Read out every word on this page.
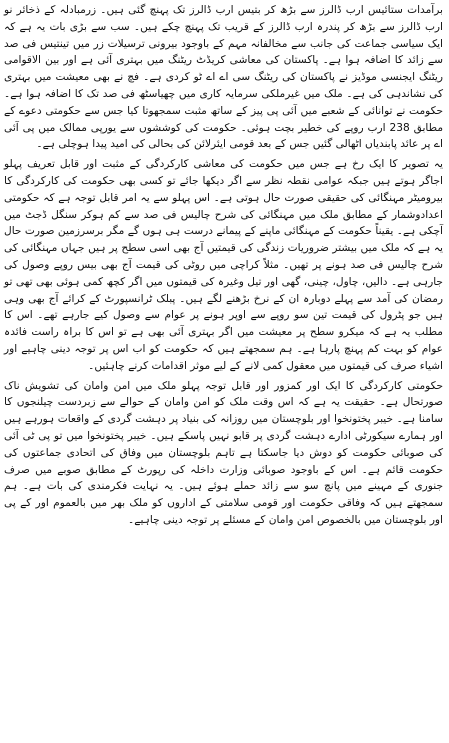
برآمدات ستائیس ارب ڈالرز سے بڑھ کر بتیس ارب ڈالرز تک پہنچ گئی ہیں۔ زرمبادلہ کے ذخائر نو ارب ڈالرز سے بڑھ کر پندرہ ارب ڈالرز کے قریب تک پہنچ چکے ہیں۔ سب سے بڑی بات یہ ہے کہ ایک سیاسی جماعت کی جانب سے مخالفانہ مہم کے باوجود بیرونی ترسیلات زر میں تینتیس فی صد سے زائد کا اضافہ ہوا ہے۔ پاکستان کی معاشی کریڈٹ ریٹنگ میں بہتری آئی ہے اور بین الاقوامی ریٹنگ ایجنسی موڈیز نے پاکستان کی ریٹنگ سی اے اے ٹو کردی ہے۔ فچ نے بھی معیشت میں بہتری کی نشاندہی کی ہے۔ ملک میں غیرملکی سرمایہ کاری میں چھیاسٹھ فی صد تک کا اضافہ ہوا ہے۔ حکومت نے توانائی کے شعبے میں آئی پی پیز کے ساتھ مثبت سمجھوتا کیا جس سے حکومتی دعوے کے مطابق 238 ارب روپے کی خطیر بچت ہوئی۔ حکومت کی کوششوں سے یورپی ممالک میں پی آئی اے پر عائد پابندیاں اٹھالی گئیں جس کے بعد قومی ایئرلائن کی بحالی کی امید پیدا ہوچلی ہے۔

یہ تصویر کا ایک رخ ہے جس میں حکومت کی معاشی کارکردگی کے مثبت اور قابل تعریف پہلو اجاگر ہوتے ہیں جبکہ عوامی نقطہ نظر سے اگر دیکھا جائے تو کسی بھی حکومت کی کارکردگی کا بیرومیٹر مہنگائی کی حقیقی صورت حال ہوتی ہے۔ اس پہلو سے یہ امر قابل توجہ ہے کہ حکومتی اعدادوشمار کے مطابق ملک میں مہنگائی کی شرح چالیس فی صد سے کم ہوکر سنگل ڈجٹ میں آچکی ہے۔ یقیناً حکومت کے مہنگائی ماپنے کے پیمانے درست ہی ہوں گے مگر برسرزمین صورت حال یہ ہے کہ ملک میں بیشتر ضروریات زندگی کی قیمتیں آج بھی اسی سطح پر ہیں جہاں مہنگائی کی شرح چالیس فی صد ہونے پر تھیں۔ مثلاً کراچی میں روٹی کی قیمت آج بھی بیس روپے وصول کی جارہی ہے۔ دالیں، چاول، چینی، گھی اور تیل وغیرہ کی قیمتوں میں اگر کچھ کمی ہوئی بھی تھی تو رمضان کی آمد سے پہلے دوبارہ ان کے نرخ بڑھنے لگے ہیں۔ پبلک ٹرانسپورٹ کے کرائے آج بھی وہی ہیں جو پٹرول کی قیمت تین سو روپے سے اوپر ہونے پر عوام سے وصول کیے جارہے تھے۔ اس کا مطلب یہ ہے کہ میکرو سطح پر معیشت میں اگر بہتری آئی بھی ہے تو اس کا براہ راست فائدہ عوام کو بہت کم پہنچ پارہا ہے۔ ہم سمجھتے ہیں کہ حکومت کو اب اس پر توجہ دینی چاہیے اور اشیاء صرف کی قیمتوں میں معقول کمی لانے کے لیے موثر اقدامات کرنے چاہئیں۔

حکومتی کارکردگی کا ایک اور کمزور اور قابل توجہ پہلو ملک میں امن وامان کی تشویش ناک صورتحال ہے۔ حقیقت یہ ہے کہ اس وقت ملک کو امن وامان کے حوالے سے زبردست چیلنجوں کا سامنا ہے۔ خیبر پختونخوا اور بلوچستان میں روزانہ کی بنیاد پر دہشت گردی کے واقعات ہورہے ہیں اور ہمارے سیکورٹی ادارے دہشت گردی پر قابو نہیں پاسکے ہیں۔ خیبر پختونخوا میں تو پی ٹی آئی کی صوبائی حکومت کو دوش دیا جاسکتا ہے تاہم بلوچستان میں وفاق کی اتحادی جماعتوں کی حکومت قائم ہے۔ اس کے باوجود صوبائی وزارت داخلہ کی رپورٹ کے مطابق صوبے میں صرف جنوری کے مہینے میں پانچ سو سے زائد حملے ہوئے ہیں۔ یہ نہایت فکرمندی کی بات ہے۔ ہم سمجھتے ہیں کہ وفاقی حکومت اور قومی سلامتی کے اداروں کو ملک بھر میں بالعموم اور کے پی اور بلوچستان میں بالخصوص امن وامان کے مسئلے پر توجہ دینی چاہیے۔
